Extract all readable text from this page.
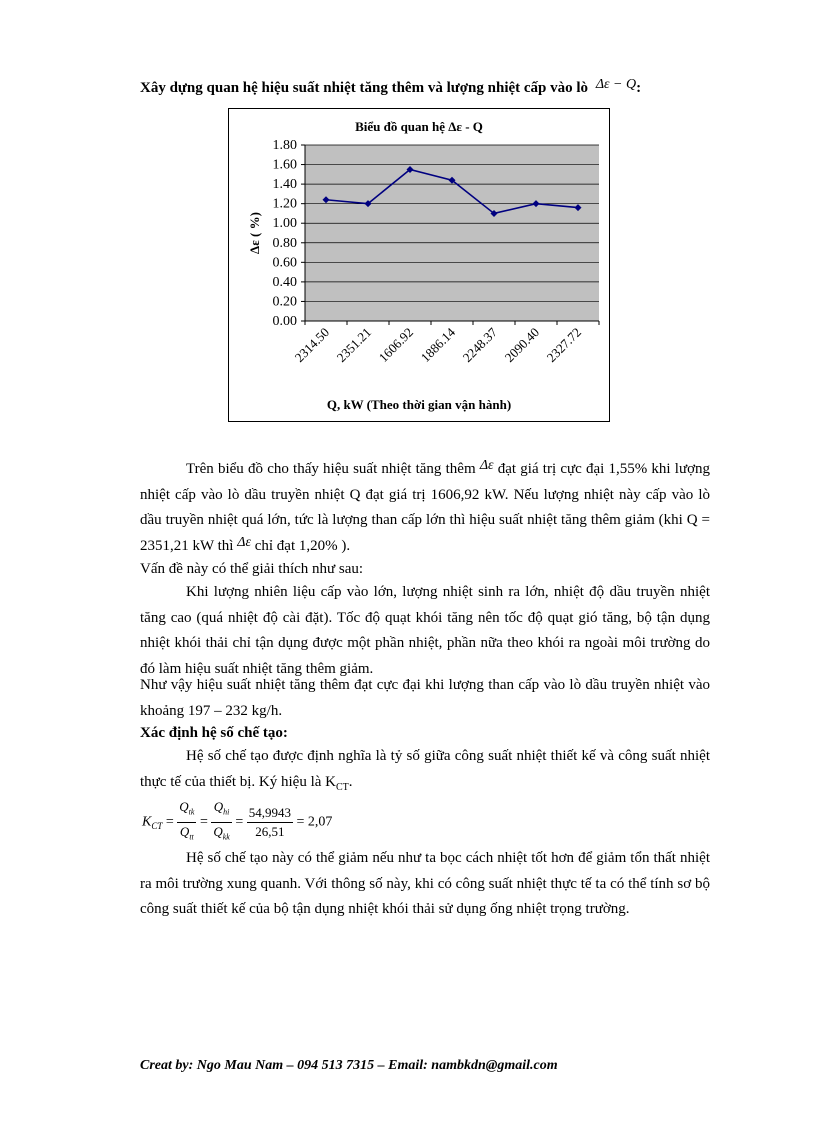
Xây dựng quan hệ hiệu suất nhiệt tăng thêm và lượng nhiệt cấp vào lò Δε − Q:
Biểu đồ quan hệ Δε - Q
0.00
0.20
0.40
0.60
0.80
1.00
1.20
1.40
1.60
1.80
2314.50 2351.21 1606.92 1886.14 2248.37 2090.40 2327.72
Δε ( %)
Q, kW (Theo thời gian vận hành)
Trên biểu đồ cho thấy hiệu suất nhiệt tăng thêm Δε đạt giá trị cực đại 1,55% khi lượng nhiệt cấp vào lò dầu truyền nhiệt Q đạt giá trị 1606,92 kW. Nếu lượng nhiệt này cấp vào lò dầu truyền nhiệt quá lớn, tức là lượng than cấp lớn thì hiệu suất nhiệt tăng thêm giảm (khi Q = 2351,21 kW thì Δε chỉ đạt 1,20% ).
Vấn đề này có thể giải thích như sau:
Khi lượng nhiên liệu cấp vào lớn, lượng nhiệt sinh ra lớn, nhiệt độ dầu truyền nhiệt tăng cao (quá nhiệt độ cài đặt). Tốc độ quạt khói tăng nên tốc độ quạt gió tăng, bộ tận dụng nhiệt khói thải chỉ tận dụng được một phần nhiệt, phần nữa theo khói ra ngoài môi trường do đó làm hiệu suất nhiệt tăng thêm giảm.
Như vậy hiệu suất nhiệt tăng thêm đạt cực đại khi lượng than cấp vào lò dầu truyền nhiệt vào khoảng 197 – 232 kg/h.
Xác định hệ số chế tạo:
Hệ số chế tạo được định nghĩa là tỷ số giữa công suất nhiệt thiết kế và công suất nhiệt thực tế của thiết bị. Ký hiệu là $K_{CT}$.
$K_{CT} = \frac{Q_{tk}}{Q_{tt}} = \frac{Q_{hi}}{Q_{kk}} = \frac{54,9943}{26,51} = 2,07$
Hệ số chế tạo này có thể giảm nếu như ta bọc cách nhiệt tốt hơn để giảm tổn thất nhiệt ra môi trường xung quanh. Với thông số này, khi có công suất nhiệt thực tế ta có thể tính sơ bộ công suất thiết kế của bộ tận dụng nhiệt khói thải sử dụng ống nhiệt trọng trường.
Creat by: Ngo Mau Nam – 094 513 7315 – Email: nambkdn@gmail.com
